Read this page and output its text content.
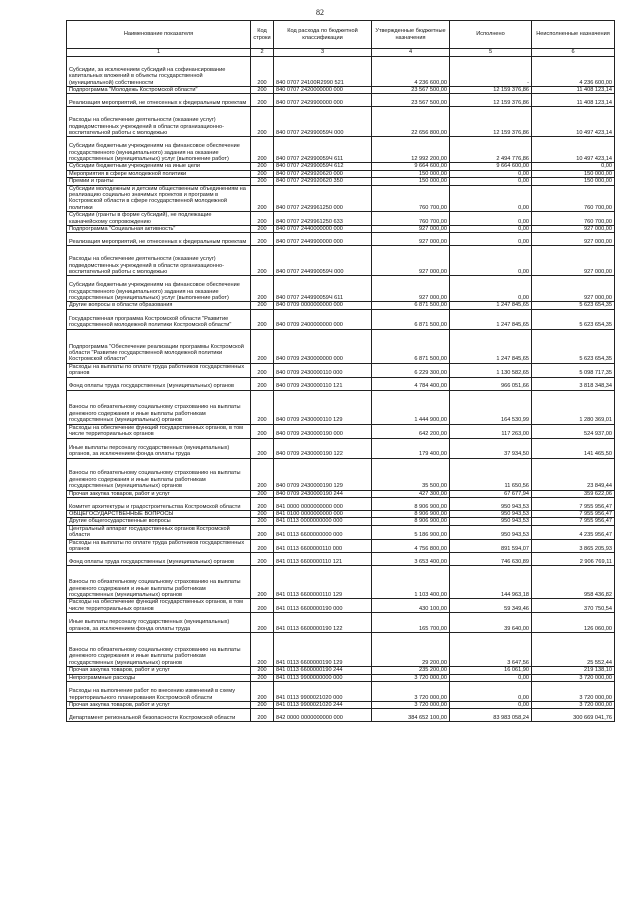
82
Наименование показателя	Код строки	Код расхода по бюджетной классификации	Утвержденные бюджетные назначения	Исполнено	Неисполненные назначения
1	2	3	4	5	6
Субсидии, за исключением субсидий на софинансирование капитальных вложений в объекты государственной (муниципальной) собственности	200	840 0707 24100R2990 521	4 236 600,00	-	4 236 600,00
Подпрограмма "Молодежь Костромской области"	200	840 0707 2420000000 000	23 567 500,00	12 159 376,86	11 408 123,14
Реализация мероприятий, не отнесенных к федеральным проектам	200	840 0707 2429900000 000	23 567 500,00	12 159 376,86	11 408 123,14
Расходы на обеспечение деятельности (оказание услуг) подведомственных учреждений в области организационно-воспитательной работы с молодежью	200	840 0707 242990059Ч 000	22 656 800,00	12 159 376,86	10 497 423,14
Субсидии бюджетным учреждениям на финансовое обеспечение государственного (муниципального) задания на оказание государственных (муниципальных) услуг (выполнение работ)	200	840 0707 242990059Ч 611	12 992 200,00	2 494 776,86	10 497 423,14
Субсидии бюджетным учреждениям на иные цели	200	840 0707 242990059Ч 612	9 664 600,00	9 664 600,00	0,00
Мероприятия в сфере молодежной политики	200	840 0707 2429920620 000	150 000,00	0,00	150 000,00
Премии и гранты	200	840 0707 2429920620 350	150 000,00	0,00	150 000,00
Субсидии молодежным и детским общественным объединениям на реализацию социально значимых проектов и программ в Костромской области в сфере государственной молодежной политики	200	840 0707 2429961250 000	760 700,00	0,00	760 700,00
Субсидии (гранты в форме субсидий), не подлежащие казначейскому сопровождению	200	840 0707 2429961250 633	760 700,00	0,00	760 700,00
Подпрограмма "Социальная активность"	200	840 0707 2440000000 000	927 000,00	0,00	927 000,00
Реализация мероприятий, не отнесенных к федеральным проектам	200	840 0707 2449900000 000	927 000,00	0,00	927 000,00
Расходы на обеспечение деятельности (оказание услуг) подведомственных учреждений в области организационно-воспитательной работы с молодежью	200	840 0707 244990059Ч 000	927 000,00	0,00	927 000,00
Субсидии бюджетным учреждениям на финансовое обеспечение государственного (муниципального) задания на оказание государственных (муниципальных) услуг (выполнение работ)	200	840 0707 244990059Ч 611	927 000,00	0,00	927 000,00
Другие вопросы в области образования	200	840 0709 0000000000 000	6 871 500,00	1 247 845,65	5 623 654,35
Государственная программа Костромской области "Развитие государственной молодежной политики Костромской области"	200	840 0709 2400000000 000	6 871 500,00	1 247 845,65	5 623 654,35
Подпрограмма "Обеспечение реализации программы Костромской области "Развитие государственной молодежной политики Костромской области"	200	840 0709 2430000000 000	6 871 500,00	1 247 845,65	5 623 654,35
Расходы на выплаты по оплате труда работников государственных органов	200	840 0709 2430000110 000	6 229 300,00	1 130 582,65	5 098 717,35
Фонд оплаты труда государственных (муниципальных) органов	200	840 0709 2430000110 121	4 784 400,00	966 051,66	3 818 348,34
Взносы по обязательному социальному страхованию на выплаты денежного содержания и иные выплаты работникам государственных (муниципальных) органов	200	840 0709 2430000110 129	1 444 900,00	164 530,99	1 280 369,01
Расходы на обеспечение функций государственных органов, в том числе территориальных органов	200	840 0709 2430000190 000	642 200,00	117 263,00	524 937,00
Иные выплаты персоналу государственных (муниципальных) органов, за исключением фонда оплаты труда	200	840 0709 2430000190 122	179 400,00	37 934,50	141 465,50
Взносы по обязательному социальному страхованию на выплаты денежного содержания и иные выплаты работникам государственных (муниципальных) органов	200	840 0709 2430000190 129	35 500,00	11 650,56	23 849,44
Прочая закупка товаров, работ и услуг	200	840 0709 2430000190 244	427 300,00	67 677,94	359 622,06
Комитет архитектуры и градостроительства Костромской области	200	841 0000 0000000000 000	8 906 900,00	950 943,53	7 955 956,47
ОБЩЕГОСУДАРСТВЕННЫЕ ВОПРОСЫ	200	841 0100 0000000000 000	8 906 900,00	950 943,53	7 955 956,47
Другие общегосударственные вопросы	200	841 0113 0000000000 000	8 906 900,00	950 943,53	7 955 956,47
Центральный аппарат государственных органов Костромской области	200	841 0113 6600000000 000	5 186 900,00	950 943,53	4 235 956,47
Расходы на выплаты по оплате труда работников государственных органов	200	841 0113 6600000110 000	4 756 800,00	891 594,07	3 865 205,93
Фонд оплаты труда государственных (муниципальных) органов	200	841 0113 6600000110 121	3 653 400,00	746 630,89	2 906 769,11
Взносы по обязательному социальному страхованию на выплаты денежного содержания и иные выплаты работникам государственных (муниципальных) органов	200	841 0113 6600000110 129	1 103 400,00	144 963,18	958 436,82
Расходы на обеспечение функций государственных органов, в том числе территориальных органов	200	841 0113 6600000190 000	430 100,00	59 349,46	370 750,54
Иные выплаты персоналу государственных (муниципальных) органов, за исключением фонда оплаты труда	200	841 0113 6600000190 122	165 700,00	39 640,00	126 060,00
Взносы по обязательному социальному страхованию на выплаты денежного содержания и иные выплаты работникам государственных (муниципальных) органов	200	841 0113 6600000190 129	29 200,00	3 647,56	25 552,44
Прочая закупка товаров, работ и услуг	200	841 0113 6600000190 244	235 200,00	16 061,90	219 138,10
Непрограммные расходы	200	841 0113 9900000000 000	3 720 000,00	0,00	3 720 000,00
Расходы на выполнение работ по внесению изменений в схему территориального планирования Костромской области	200	841 0113 9900021020 000	3 720 000,00	0,00	3 720 000,00
Прочая закупка товаров, работ и услуг	200	841 0113 9900021020 244	3 720 000,00	0,00	3 720 000,00
Департамент региональной безопасности Костромской области	200	842 0000 0000000000 000	384 652 100,00	83 983 058,24	300 669 041,76
